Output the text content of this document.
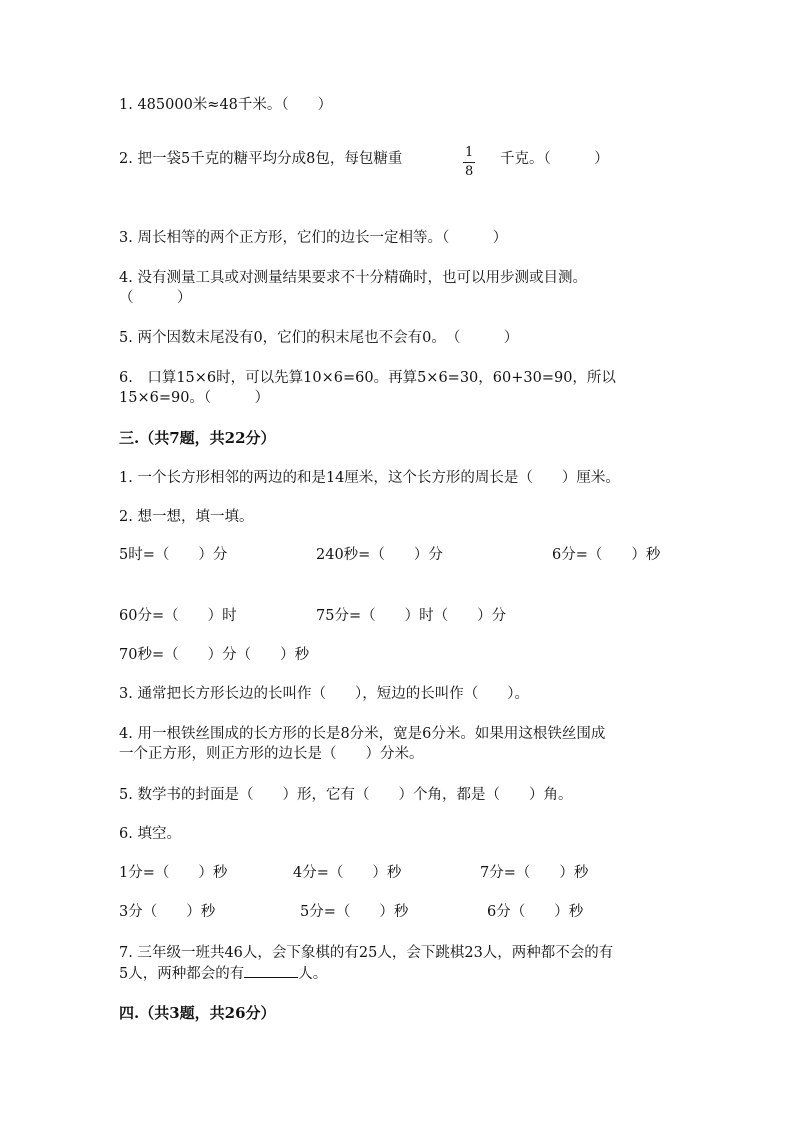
1. 485000米≈48千米。（　　）
2. 把一袋5千克的糖平均分成8包，每包糖重	1
8
千克。（　　　）
3. 周长相等的两个正方形，它们的边长一定相等。（　　　）
4. 没有测量工具或对测量结果要求不十分精确时，也可以用步测或目测。
（　　　）
5. 两个因数末尾没有0，它们的积末尾也不会有0。　（　　　）
6.　口算15×6时，可以先算10×6=60。再算5×6=30，60+30=90，所以
15×6=90。（　　　）
三.（共7题，共22分）
1. 一个长方形相邻的两边的和是14厘米，这个长方形的周长是（　　）厘米。
2. 想一想，填一填。
5时=（　　）分	240秒=（　　）分	6分=（　　）秒
60分=（　　）时	75分=（　　）时（　　）分
70秒=（　　）分（　　）秒
3. 通常把长方形长边的长叫作（　　），短边的长叫作（　　）。
4. 用一根铁丝围成的长方形的长是8分米，宽是6分米。如果用这根铁丝围成
一个正方形，则正方形的边长是（　　）分米。
5. 数学书的封面是（　　）形，它有（　　）个角，都是（　　）角。
6. 填空。
1分=（　　）秒	4分=（　　）秒	7分=（　　）秒
3分（　　）秒	5分=（　　）秒	6分（　　）秒
7. 三年级一班共46人，会下象棋的有25人，会下跳棋23人，两种都不会的有
5人，两种都会的有	人。
四.（共3题，共26分）
